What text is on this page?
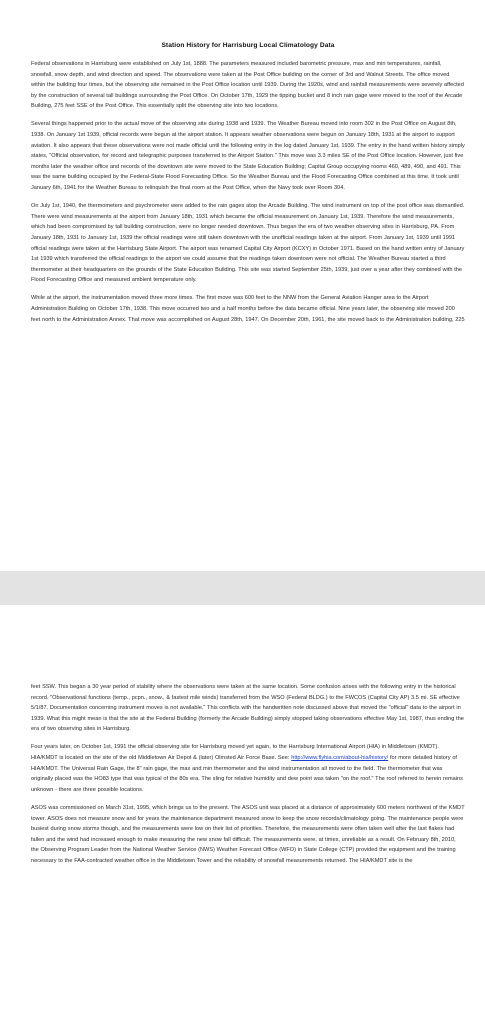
Station History for Harrisburg Local Climatology Data

Federal observations in Harrisburg were established on July 1st, 1888. The parameters measured included barometric pressure, max and min temperatures, rainfall, snowfall, snow depth, and wind direction and speed. The observations were taken at the Post Office building on the corner of 3rd and Walnut Streets. The office moved within the building four times, but the observing site remained in the Post Office location until 1939. During the 1920s, wind and rainfall measurements were severely affected by the construction of several tall buildings surrounding the Post Office. On October 17th, 1929 the tipping bucket and 8 inch rain gage were moved to the roof of the Arcade Building, 275 feet SSE of the Post Office. This essentially split the observing site into two locations.

Several things happened prior to the actual move of the observing site during 1938 and 1939. The Weather Bureau moved into room 302 in the Post Office on August 8th, 1938. On January 1st 1939, official records were begun at the airport station. It appears weather observations were begun on January 18th, 1931 at the airport to support aviation. It also appears that these observations were not made official until the following entry in the log dated January 1st, 1939. The entry in the hand written history simply states, "Official observation, for record and telegraphic purposes transferred to the Airport Station." This move was 3.3 miles SE of the Post Office location. However, just five months later the weather office and records of the downtown site were moved to the State Education Building; Capital Group occupying rooms 460, 489, 490, and 491. This was the same building occupied by the Federal-State Flood Forecasting Office. So the Weather Bureau and the Flood Forecasting Office combined at this time. It took until January 6th, 1941 for the Weather Bureau to relinquish the final room at the Post Office, when the Navy took over Room 304.

On July 1st, 1940, the thermometers and psychrometer were added to the rain gages atop the Arcade Building. The wind instrument on top of the post office was dismantled. There were wind measurements at the airport from January 18th, 1931 which became the official measurement on January 1st, 1939. Therefore the wind measurements, which had been compromised by tall building construction, were no longer needed downtown. Thus began the era of two weather observing sites in Harrisburg, PA. From January 18th, 1931 to January 1st, 1939 the official readings were still taken downtown with the unofficial readings taken at the airport. From January 1st, 1939 until 1991 official readings were taken at the Harrisburg State Airport. The airport was renamed Capital City Airport (KCXY) in October 1971. Based on the hand written entry of January 1st 1939 which transferred the official readings to the airport we could assume that the readings taken downtown were not official. The Weather Bureau started a third thermometer at their headquarters on the grounds of the State Education Building. This site was started September 25th, 1939, just over a year after they combined with the Flood Forecasting Office and measured ambient temperature only.

While at the airport, the instrumentation moved three more times. The first move was 600 feet to the NNW from the General Aviation Hanger area to the Airport Administration Building on October 17th, 1938. This move occurred two and a half months before the data became official. Nine years later, the observing site moved 200 feet north to the Administration Annex. That move was accomplished on August 28th, 1947. On December 20th, 1961, the site moved back to the Administration building, 225

feet SSW. This began a 30 year period of stability where the observations were taken at the same location. Some confusion arises with the following entry in the historical record. "Observational functions (temp., pcpn., snow., & fastest mile winds) transferred from the WSO (Federal BLDG.) to the FWCOS (Capital City AP) 3.5 mi. SE effective 5/1/87. Documentation concerning instrument moves is not available." This conflicts with the handwritten note discussed above that moved the "official" data to the airport in 1939. What this might mean is that the site at the Federal Building (formerly the Arcade Building) simply stopped taking observations effective May 1st, 1987, thus ending the era of two observing sites in Harrisburg.

Four years later, on October 1st, 1991 the official observing site for Harrisburg moved yet again, to the Harrisburg International Airport (HIA) in Middletown (KMDT). HIA/KMDT is located on the site of the old Middletown Air Depot & (later) Olmsted Air Force Base. See: http://www.flyhia.com/about-hia/history/ for more detailed history of HIA/KMDT. The Universal Rain Gage, the 8" rain gage, the max and min thermometer and the wind instrumentation all moved to the field. The thermometer that was originally placed was the HO83 type that was typical of the 80s era. The sling for relative humidity and dew point was taken "on the roof." The roof referred to herein remains unknown - there are three possible locations.

ASOS was commissioned on March 31st, 1995, which brings us to the present. The ASOS unit was placed at a distance of approximately 600 meters northwest of the KMDT tower. ASOS does not measure snow and for years the maintenance department measured snow to keep the snow records/climatology going. The maintenance people were busiest during snow storms though, and the measurements were low on their list of priorities. Therefore, the measurements were often taken well after the last flakes had fallen and the wind had increased enough to make measuring the new snow fall difficult. The measurements were, at times, unreliable as a result. On February 8th, 2010, the Observing Program Leader from the National Weather Service (NWS) Weather Forecast Office (WFO) in State College (CTP) provided the equipment and the training necessary to the FAA-contracted weather office in the Middletown Tower and the reliability of snowfall measurements returned. The HIA/KMDT site is the
